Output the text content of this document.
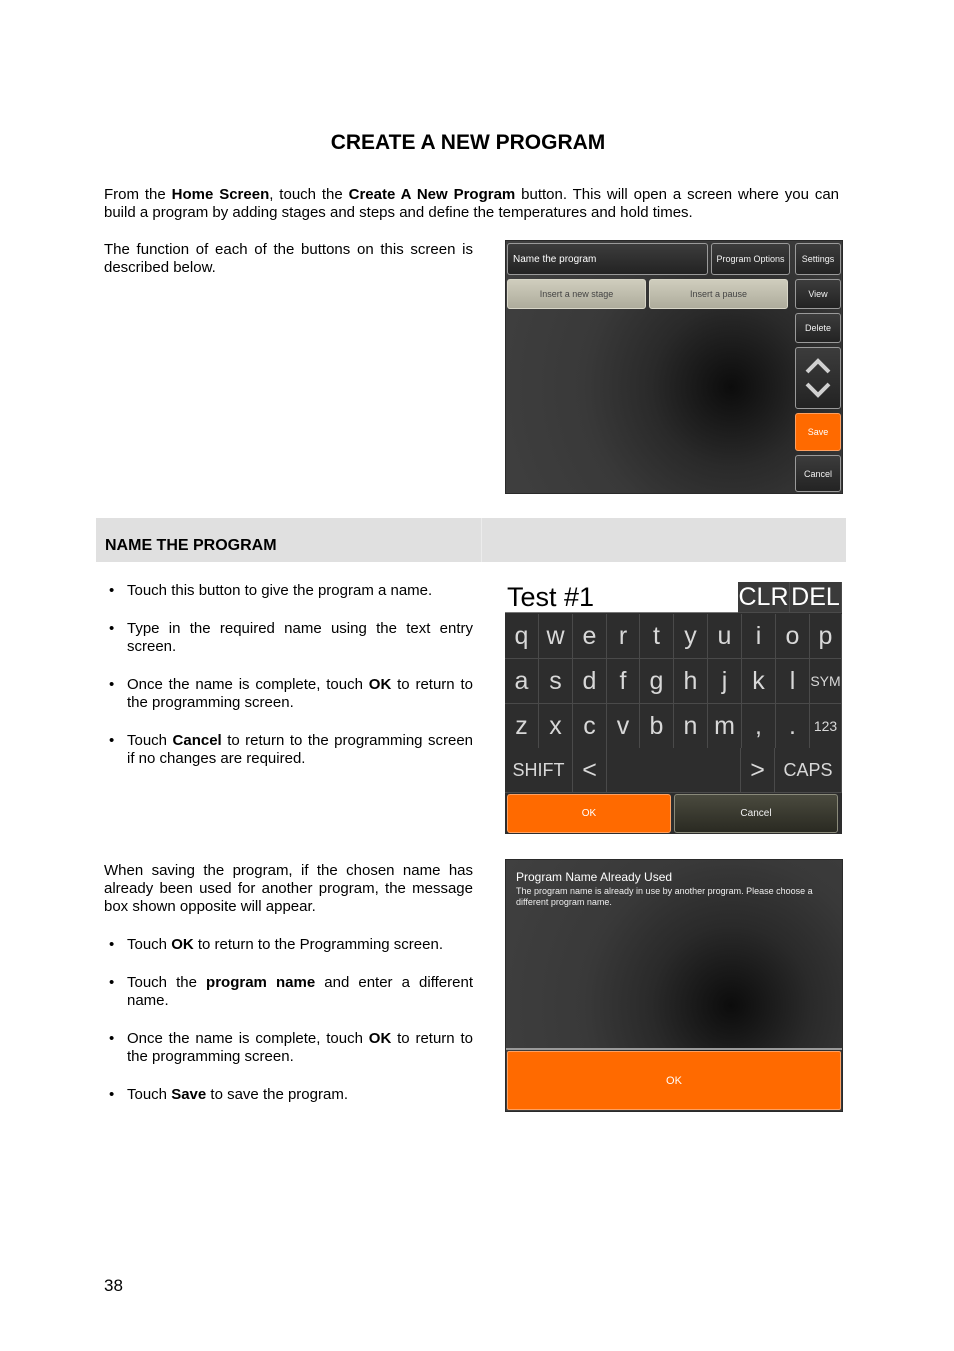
CREATE A NEW PROGRAM
From the Home Screen, touch the Create A New Program button. This will open a screen where you can build a program by adding stages and steps and define the temperatures and hold times.
The function of each of the buttons on this screen is described below.	Name the program	Program Options	Settings
Insert a new stage	Insert a pause	View
Delete
Save
Cancel
NAME THE PROGRAM
• Touch this button to give the program a name.
• Type in the required name using the text entry screen.
• Once the name is complete, touch OK to return to the programming screen.
• Touch Cancel to return to the programming screen if no changes are required.
Test #1	CLR DEL
q w e r	t y u i o p
a s d f g h j k l	SYM
z x c v b n m ,	.	123
SHIFT <	>	CAPS
OK	Cancel
When saving the program, if the chosen name has already been used for another program, the message box shown opposite will appear.
• Touch OK to return to the Programming screen.
• Touch the program name and enter a different name.
• Once the name is complete, touch OK to return to the programming screen.
• Touch Save to save the program.
Program Name Already Used
The program name is already in use by another program. Please choose a different program name.
OK
38
